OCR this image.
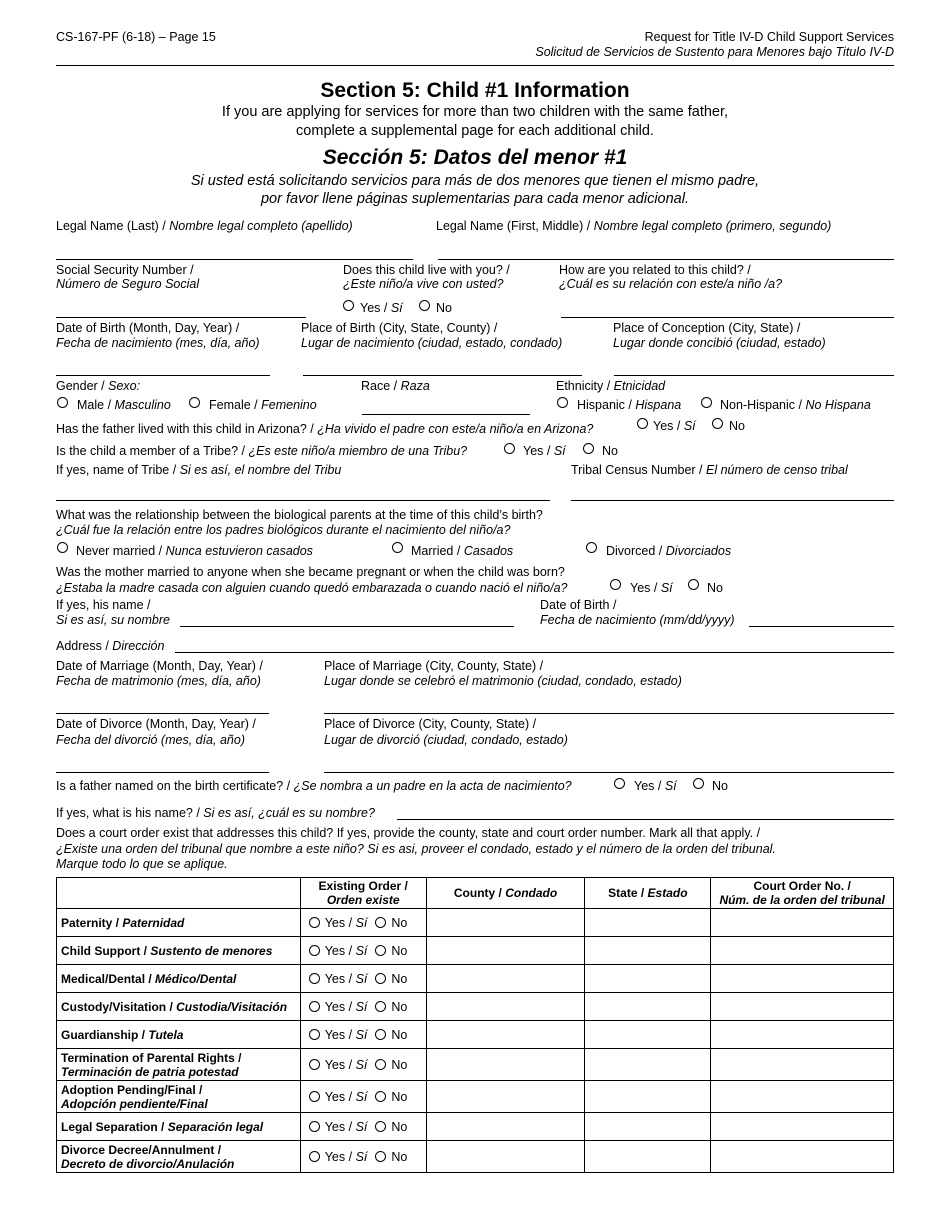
CS-167-PF (6-18) – Page 15	Request for Title IV-D Child Support Services
Solicitud de Servicios de Sustento para Menores bajo Titulo IV-D
Section 5: Child #1 Information
If you are applying for services for more than two children with the same father,
complete a supplemental page for each additional child.
Sección 5: Datos del menor #1
Si usted está solicitando servicios para más de dos menores que tienen el mismo padre,
por favor llene páginas suplementarias para cada menor adicional.
Legal Name (Last) / Nombre legal completo (apellido)	Legal Name (First, Middle) / Nombre legal completo (primero, segundo)
Social Security Number /
Número de Seguro Social
Does this child live with you? /
¿Este niño/a vive con usted?
Yes / Sí	No
How are you related to this child? /
¿Cuál es su relación con este/a niño /a?
Date of Birth (Month, Day, Year) /
Fecha de nacimiento (mes, día, año)
Place of Birth (City, State, County) /
Lugar de nacimiento (ciudad, estado, condado)
Place of Conception (City, State) /
Lugar donde concibió (ciudad, estado)
Gender / Sexo:
Male / Masculino	Female / Femenino
Race / Raza	Ethnicity / Etnicidad
Hispanic / Hispana	Non-Hispanic / No Hispana
Has the father lived with this child in Arizona? / ¿Ha vivido el padre con este/a niño/a en Arizona?	Yes / Sí	No
Is the child a member of a Tribe? / ¿Es este niño/a miembro de una Tribu?	Yes / Sí	No
If yes, name of Tribe / Si es así, el nombre del Tribu	Tribal Census Number / El número de censo tribal
What was the relationship between the biological parents at the time of this child’s birth?
¿Cuál fue la relación entre los padres biológicos durante el nacimiento del niño/a?
Never married / Nunca estuvieron casados	Married / Casados	Divorced / Divorciados
Was the mother married to anyone when she became pregnant or when the child was born?
¿Estaba la madre casada con alguien cuando quedó embarazada o cuando nació el niño/a?	Yes / Sí	No
If yes, his name /
Si es así, su nombre
Date of Birth /
Fecha de nacimiento (mm/dd/yyyy)
Address / Dirección
Date of Marriage (Month, Day, Year) /
Fecha de matrimonio (mes, día, año)
Place of Marriage (City, County, State) /
Lugar donde se celebró el matrimonio (ciudad, condado, estado)
Date of Divorce (Month, Day, Year) /
Fecha del divorció (mes, día, año)
Place of Divorce (City, County, State) /
Lugar de divorció (ciudad, condado, estado)
Is a father named on the birth certificate? / ¿Se nombra a un padre en la acta de nacimiento?	Yes / Sí	No
If yes, what is his name? / Si es así, ¿cuál es su nombre?
Does a court order exist that addresses this child? If yes, provide the county, state and court order number. Mark all that apply. /
¿Existe una orden del tribunal que nombre a este niño? Si es asi, proveer el condado, estado y el número de la orden del tribunal.
Marque todo lo que se aplique.
	Existing Order /
Orden existe	County / Condado	State / Estado	Court Order No. /
Núm. de la orden del tribunal
Paternity / Paternidad	Yes / Sí No			

Child Support / Sustento de menores	Yes / Sí No			

Medical/Dental / Médico/Dental	Yes / Sí No			

Custody/Visitation / Custodia/Visitación	Yes / Sí No			

Guardianship / Tutela	Yes / Sí No			

Termination of Parental Rights /
Terminación de patria potestad	Yes / Sí No			

Adoption Pending/Final /
Adopción pendiente/Final	Yes / Sí No			

Legal Separation / Separación legal	Yes / Sí No			

Divorce Decree/Annulment /
Decreto de divorcio/Anulación	Yes / Sí No			
